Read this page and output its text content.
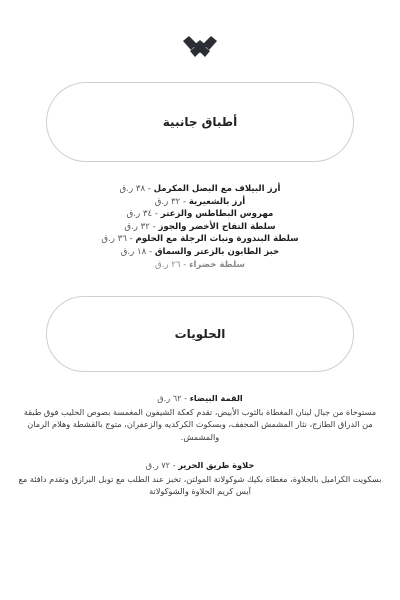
أطباق جانبية
أرز البيلاف مع البصل المكرمل - ٣٨ ر.ق
أرز بالشعيرية - ٣٢ ر.ق
مهروس البطاطس والزعتر - ٣٤ ر.ق
سلطة التفاح الأخضر والجوز - ٣٢ ر.ق
سلطة البندورة ونبات الرجلة مع الحلوم - ٣٦ ر.ق
خبز الطابون بالزعتر والسماق - ١٨ ر.ق
سلطة خضراء - ٢٦ ر.ق
الحلويات
القمة البيضاء - ٦٢ ر.ق
مستوحاة من جبال لبنان المغطاة بالثوب الأبيض، تقدم كعكة الشيفون المغمسة بصوص الحليب فوق طبقة من الدراق الطازج، نثار المشمش المجفف، وبسكوت الكركديه والزعفران، متوج بالقشطة وهلام الرمان والمشمش.
حلاوة طريق الحرير - ٧٢ ر.ق
بسكويت الكراميل بالحلاوة، مغطاة بكيك شوكولاتة المولتن، تخبز عند الطلب مع توبل البرازق وتقدم دافئة مع آيس كريم الحلاوة والشوكولاتة
